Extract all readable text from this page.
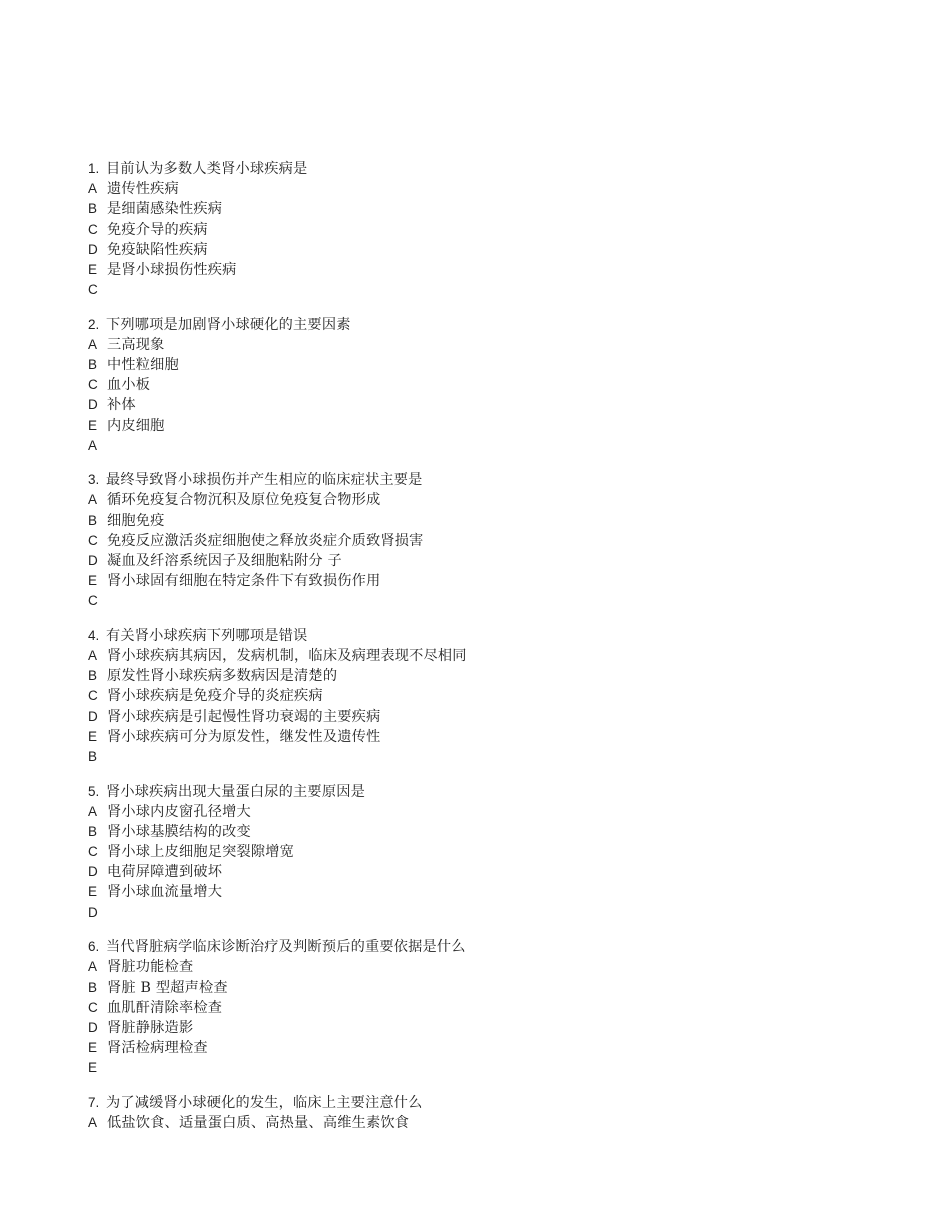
1. 目前认为多数人类肾小球疾病是
A 遗传性疾病
B 是细菌感染性疾病
C 免疫介导的疾病
D 免疫缺陷性疾病
E 是肾小球损伤性疾病
C
2. 下列哪项是加剧肾小球硬化的主要因素
A 三高现象
B 中性粒细胞
C 血小板
D 补体
E 内皮细胞
A
3. 最终导致肾小球损伤并产生相应的临床症状主要是
A 循环免疫复合物沉积及原位免疫复合物形成
B 细胞免疫
C 免疫反应激活炎症细胞使之释放炎症介质致肾损害
D 凝血及纤溶系统因子及细胞粘附分 子
E 肾小球固有细胞在特定条件下有致损伤作用
C
4. 有关肾小球疾病下列哪项是错误
A 肾小球疾病其病因，发病机制，临床及病理表现不尽相同
B 原发性肾小球疾病多数病因是清楚的
C 肾小球疾病是免疫介导的炎症疾病
D 肾小球疾病是引起慢性肾功衰竭的主要疾病
E 肾小球疾病可分为原发性，继发性及遗传性
B
5. 肾小球疾病出现大量蛋白尿的主要原因是
A 肾小球内皮窗孔径增大
B 肾小球基膜结构的改变
C 肾小球上皮细胞足突裂隙增宽
D 电荷屏障遭到破坏
E 肾小球血流量增大
D
6. 当代肾脏病学临床诊断治疗及判断预后的重要依据是什么
A 肾脏功能检查
B 肾脏 B 型超声检查
C 血肌酐清除率检查
D 肾脏静脉造影
E 肾活检病理检查
E
7. 为了减缓肾小球硬化的发生，临床上主要注意什么
A 低盐饮食、适量蛋白质、高热量、高维生素饮食
